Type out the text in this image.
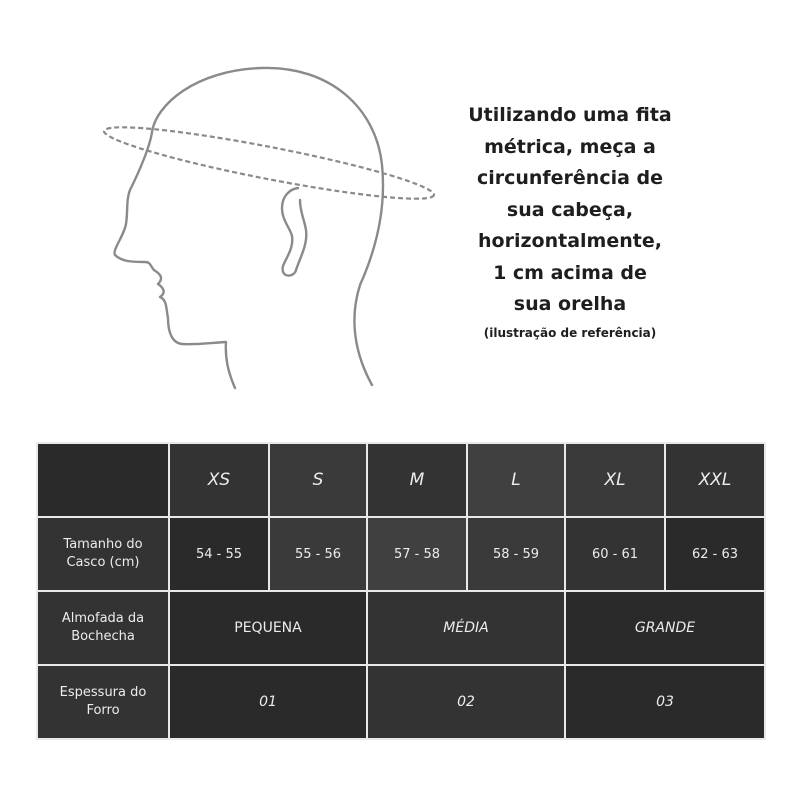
Utilizando uma fita
métrica, meça a
circunferência de
sua cabeça,
horizontalmente,
1 cm acima de
sua orelha
(ilustração de referência)
	XS	S	M	L	XL	XXL
Tamanho do Casco (cm)	54 - 55	55 - 56	57 - 58	58 - 59	60 - 61	62 - 63
Almofada da Bochecha	PEQUENA		MÉDIA		GRANDE	
Espessura do Forro	01		02		03	
